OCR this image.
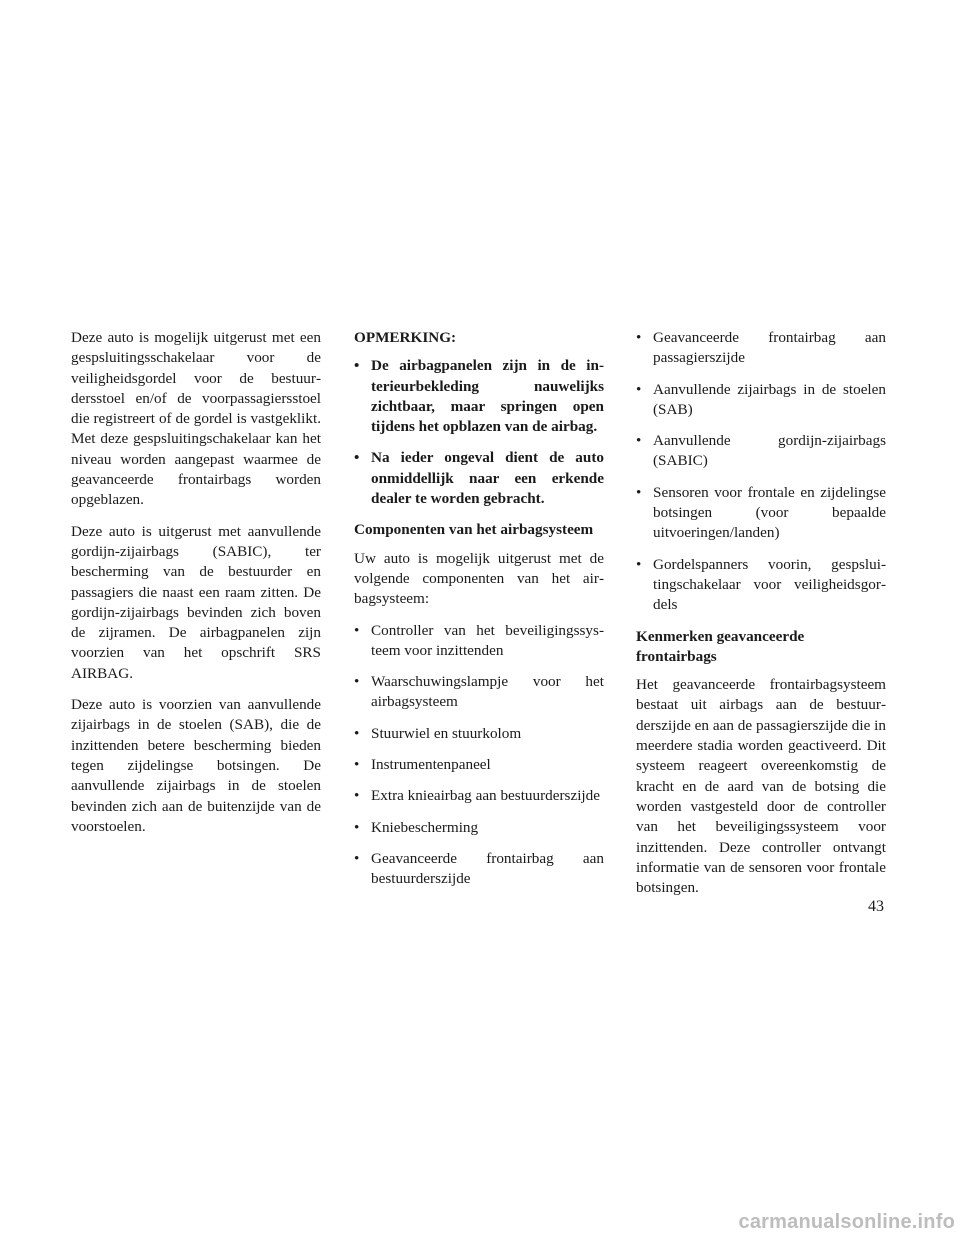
Deze auto is mogelijk uitgerust met een gespsluitingsschakelaar voor de veiligheidsgordel voor de bestuurdersstoel en/of de voorpassagiersstoel die registreert of de gordel is vastgeklikt. Met deze gespsluitingschakelaar kan het niveau worden aangepast waarmee de geavanceerde frontairbags worden opgeblazen.

Deze auto is uitgerust met aanvullende gordijn-zijairbags (SABIC), ter bescherming van de bestuurder en passagiers die naast een raam zitten. De gordijn-zijairbags bevinden zich boven de zijramen. De airbagpanelen zijn voorzien van het opschrift SRS AIRBAG.

Deze auto is voorzien van aanvullende zijairbags in de stoelen (SAB), die de inzittenden betere bescherming bieden tegen zijdelingse botsingen. De aanvullende zijairbags in de stoelen bevinden zich aan de buitenzijde van de voorstoelen.

OPMERKING:

• De airbagpanelen zijn in de interieurbekleding nauwelijks zichtbaar, maar springen open tijdens het opblazen van de airbag.
• Na ieder ongeval dient de auto onmiddellijk naar een erkende dealer te worden gebracht.

Componenten van het airbagsysteem

Uw auto is mogelijk uitgerust met de volgende componenten van het airbagsysteem:

• Controller van het beveiligingssysteem voor inzittenden
• Waarschuwingslampje voor het airbagsysteem
• Stuurwiel en stuurkolom
• Instrumentenpaneel
• Extra knieairbag aan bestuurderszijde
• Kniebescherming
• Geavanceerde frontairbag aan bestuurderszijde
• Geavanceerde frontairbag aan passagierszijde
• Aanvullende zijairbags in de stoelen (SAB)
• Aanvullende gordijn-zijairbags (SABIC)
• Sensoren voor frontale en zijdelingse botsingen (voor bepaalde uitvoeringen/landen)
• Gordelspanners voorin, gespsluitingschakelaar voor veiligheidsgordels

Kenmerken geavanceerde frontairbags

Het geavanceerde frontairbagsysteem bestaat uit airbags aan de bestuurderszijde en aan de passagierszijde die in meerdere stadia worden geactiveerd. Dit systeem reageert overeenkomstig de kracht en de aard van de botsing die worden vastgesteld door de controller van het beveiligingssysteem voor inzittenden. Deze controller ontvangt informatie van de sensoren voor frontale botsingen.

43
carmanualsonline.info
